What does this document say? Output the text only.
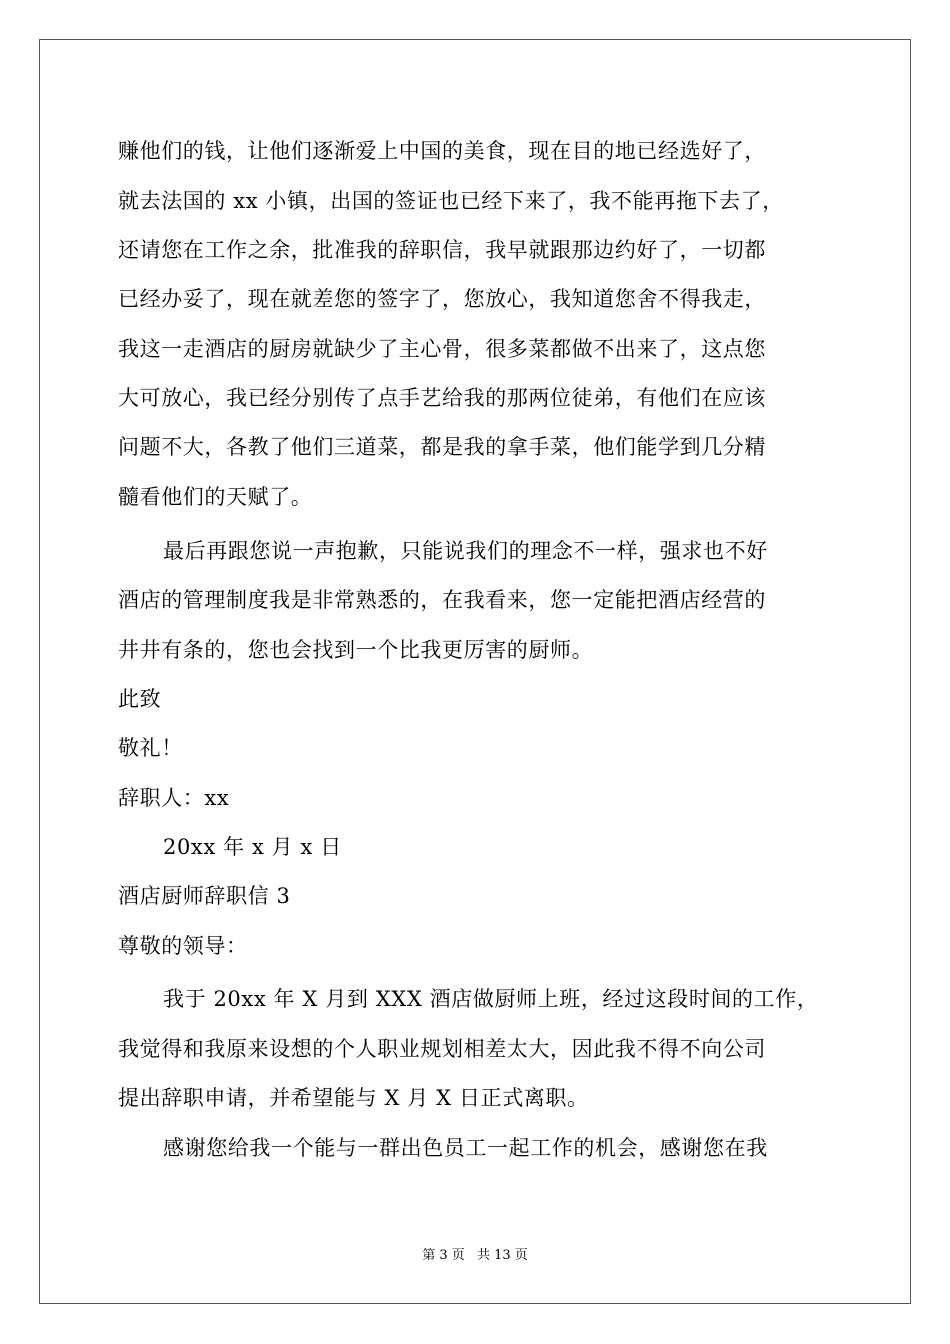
赚他们的钱，让他们逐渐爱上中国的美食，现在目的地已经选好了，
就去法国的 xx 小镇，出国的签证也已经下来了，我不能再拖下去了，
还请您在工作之余，批准我的辞职信，我早就跟那边约好了，一切都
已经办妥了，现在就差您的签字了，您放心，我知道您舍不得我走，
我这一走酒店的厨房就缺少了主心骨，很多菜都做不出来了，这点您
大可放心，我已经分别传了点手艺给我的那两位徒弟，有他们在应该
问题不大，各教了他们三道菜，都是我的拿手菜，他们能学到几分精
髓看他们的天赋了。
最后再跟您说一声抱歉，只能说我们的理念不一样，强求也不好
酒店的管理制度我是非常熟悉的，在我看来，您一定能把酒店经营的
井井有条的，您也会找到一个比我更厉害的厨师。
此致
敬礼！
辞职人：xx
20xx 年 x 月 x 日
酒店厨师辞职信 3
尊敬的领导：
我于 20xx 年 X 月到 XXX 酒店做厨师上班，经过这段时间的工作，
我觉得和我原来设想的个人职业规划相差太大，因此我不得不向公司
提出辞职申请，并希望能与 X 月 X 日正式离职。
感谢您给我一个能与一群出色员工一起工作的机会，感谢您在我
第 3 页 共 13 页
